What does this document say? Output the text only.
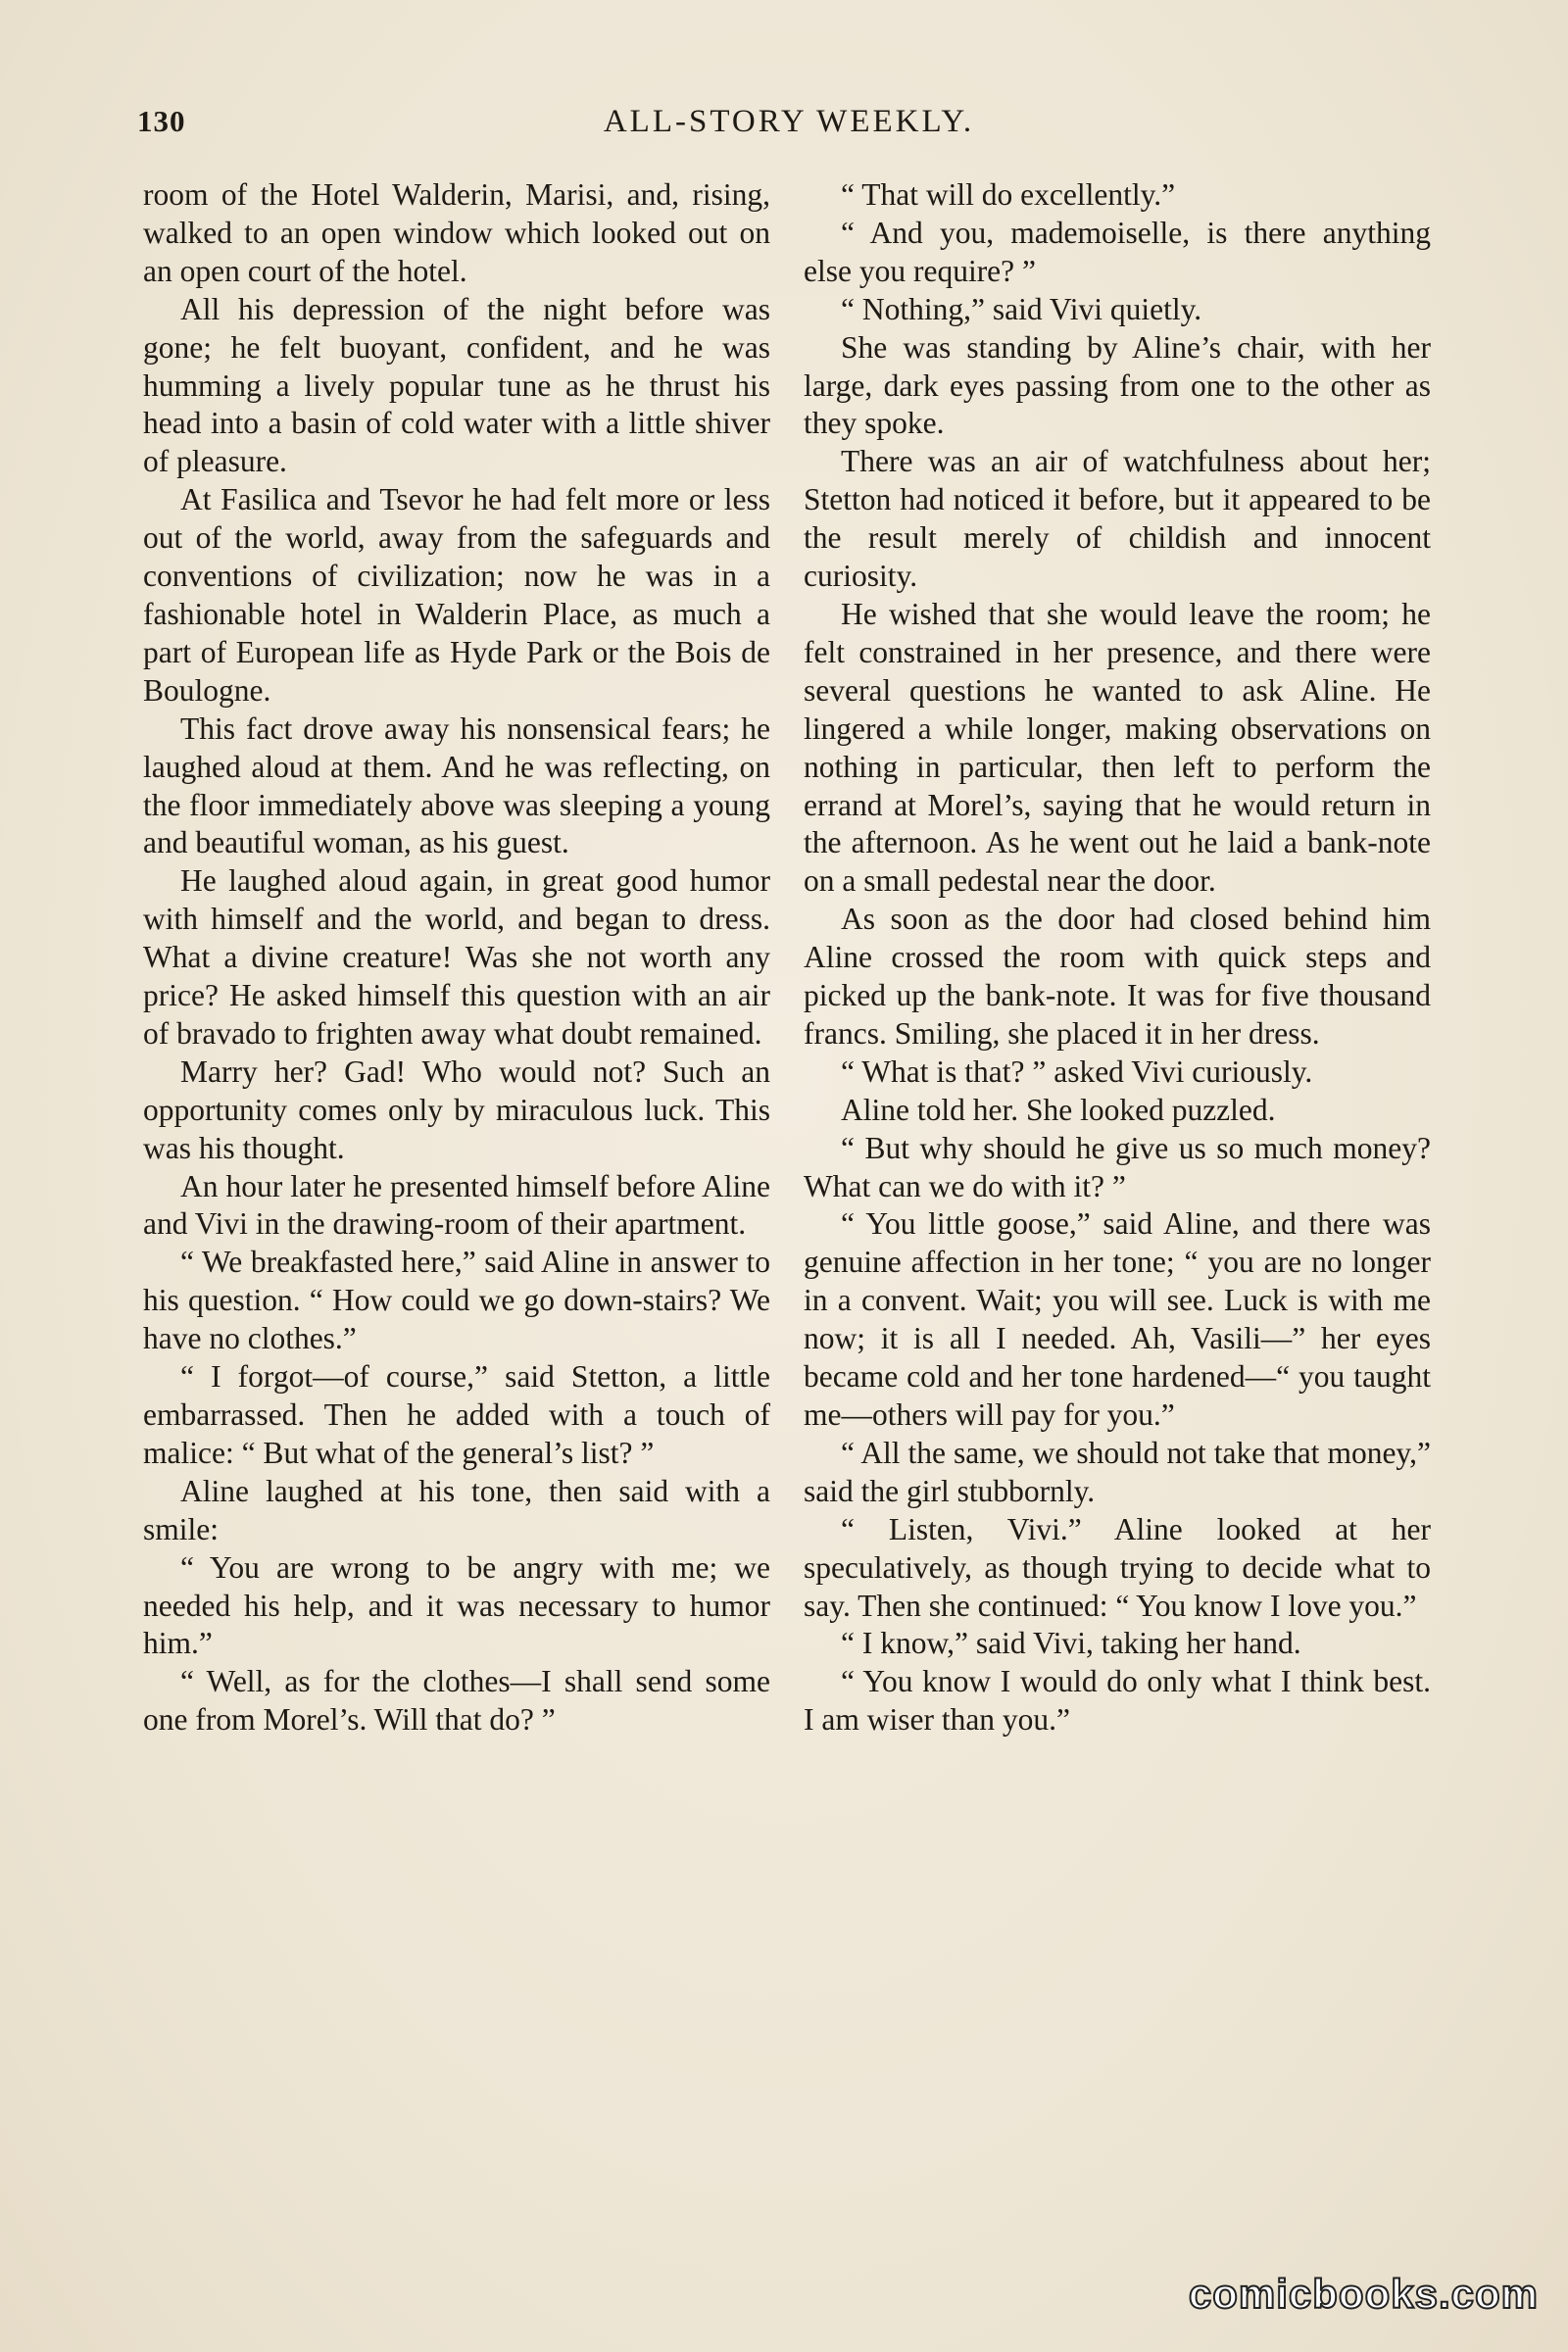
130	ALL-STORY WEEKLY.

room of the Hotel Walderin, Marisi, and, rising, walked to an open window which looked out on an open court of the hotel.

All his depression of the night before was gone; he felt buoyant, confident, and he was humming a lively popular tune as he thrust his head into a basin of cold water with a little shiver of pleasure.

At Fasilica and Tsevor he had felt more or less out of the world, away from the safeguards and conventions of civilization; now he was in a fashionable hotel in Walderin Place, as much a part of European life as Hyde Park or the Bois de Boulogne.

This fact drove away his nonsensical fears; he laughed aloud at them. And he was reflecting, on the floor immediately above was sleeping a young and beautiful woman, as his guest.

He laughed aloud again, in great good humor with himself and the world, and began to dress. What a divine creature! Was she not worth any price? He asked himself this question with an air of bravado to frighten away what doubt remained.

Marry her? Gad! Who would not? Such an opportunity comes only by miraculous luck. This was his thought.

An hour later he presented himself before Aline and Vivi in the drawing-room of their apartment.

“ We breakfasted here,” said Aline in answer to his question. “ How could we go down-stairs? We have no clothes.”

“ I forgot—of course,” said Stetton, a little embarrassed. Then he added with a touch of malice: “ But what of the general’s list? ”

Aline laughed at his tone, then said with a smile:

“ You are wrong to be angry with me; we needed his help, and it was necessary to humor him.”

“ Well, as for the clothes—I shall send some one from Morel’s. Will that do? ”

“ That will do excellently.”

“ And you, mademoiselle, is there anything else you require? ”

“ Nothing,” said Vivi quietly.

She was standing by Aline’s chair, with her large, dark eyes passing from one to the other as they spoke.

There was an air of watchfulness about her; Stetton had noticed it before, but it appeared to be the result merely of childish and innocent curiosity.

He wished that she would leave the room; he felt constrained in her presence, and there were several questions he wanted to ask Aline. He lingered a while longer, making observations on nothing in particular, then left to perform the errand at Morel’s, saying that he would return in the afternoon. As he went out he laid a bank-note on a small pedestal near the door.

As soon as the door had closed behind him Aline crossed the room with quick steps and picked up the bank-note. It was for five thousand francs. Smiling, she placed it in her dress.

“ What is that? ” asked Vivi curiously.

Aline told her. She looked puzzled.

“ But why should he give us so much money? What can we do with it? ”

“ You little goose,” said Aline, and there was genuine affection in her tone; “ you are no longer in a convent. Wait; you will see. Luck is with me now; it is all I needed. Ah, Vasili—” her eyes became cold and her tone hardened—“ you taught me—others will pay for you.”

“ All the same, we should not take that money,” said the girl stubbornly.

“ Listen, Vivi.” Aline looked at her speculatively, as though trying to decide what to say. Then she continued: “ You know I love you.”

“ I know,” said Vivi, taking her hand.

“ You know I would do only what I think best. I am wiser than you.”

comicbooks.com
